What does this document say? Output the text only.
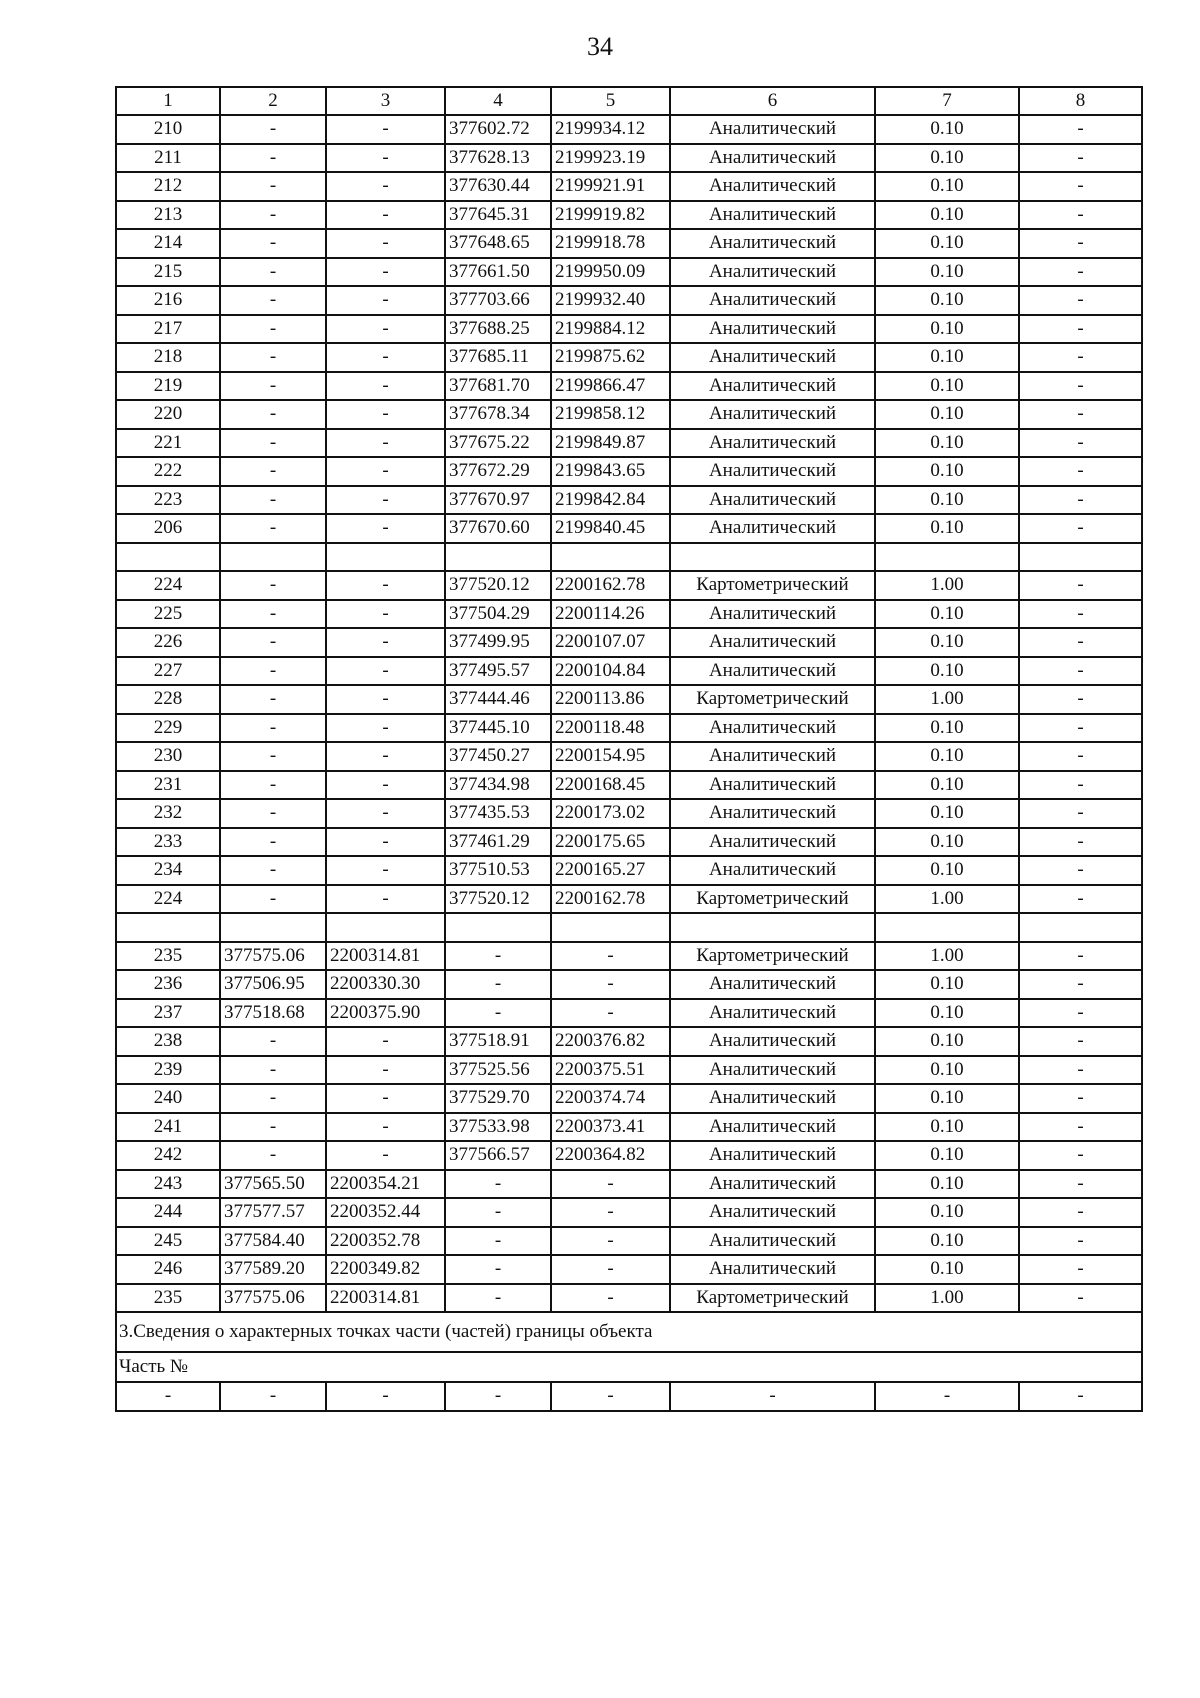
34
1	2	3	4	5	6	7	8
210	-	-	377602.72	2199934.12	Аналитический	0.10	-
211	-	-	377628.13	2199923.19	Аналитический	0.10	-
212	-	-	377630.44	2199921.91	Аналитический	0.10	-
213	-	-	377645.31	2199919.82	Аналитический	0.10	-
214	-	-	377648.65	2199918.78	Аналитический	0.10	-
215	-	-	377661.50	2199950.09	Аналитический	0.10	-
216	-	-	377703.66	2199932.40	Аналитический	0.10	-
217	-	-	377688.25	2199884.12	Аналитический	0.10	-
218	-	-	377685.11	2199875.62	Аналитический	0.10	-
219	-	-	377681.70	2199866.47	Аналитический	0.10	-
220	-	-	377678.34	2199858.12	Аналитический	0.10	-
221	-	-	377675.22	2199849.87	Аналитический	0.10	-
222	-	-	377672.29	2199843.65	Аналитический	0.10	-
223	-	-	377670.97	2199842.84	Аналитический	0.10	-
206	-	-	377670.60	2199840.45	Аналитический	0.10	-

224	-	-	377520.12	2200162.78	Картометрический	1.00	-
225	-	-	377504.29	2200114.26	Аналитический	0.10	-
226	-	-	377499.95	2200107.07	Аналитический	0.10	-
227	-	-	377495.57	2200104.84	Аналитический	0.10	-
228	-	-	377444.46	2200113.86	Картометрический	1.00	-
229	-	-	377445.10	2200118.48	Аналитический	0.10	-
230	-	-	377450.27	2200154.95	Аналитический	0.10	-
231	-	-	377434.98	2200168.45	Аналитический	0.10	-
232	-	-	377435.53	2200173.02	Аналитический	0.10	-
233	-	-	377461.29	2200175.65	Аналитический	0.10	-
234	-	-	377510.53	2200165.27	Аналитический	0.10	-
224	-	-	377520.12	2200162.78	Картометрический	1.00	-

235	377575.06	2200314.81	-	-	Картометрический	1.00	-
236	377506.95	2200330.30	-	-	Аналитический	0.10	-
237	377518.68	2200375.90	-	-	Аналитический	0.10	-
238	-	-	377518.91	2200376.82	Аналитический	0.10	-
239	-	-	377525.56	2200375.51	Аналитический	0.10	-
240	-	-	377529.70	2200374.74	Аналитический	0.10	-
241	-	-	377533.98	2200373.41	Аналитический	0.10	-
242	-	-	377566.57	2200364.82	Аналитический	0.10	-
243	377565.50	2200354.21	-	-	Аналитический	0.10	-
244	377577.57	2200352.44	-	-	Аналитический	0.10	-
245	377584.40	2200352.78	-	-	Аналитический	0.10	-
246	377589.20	2200349.82	-	-	Аналитический	0.10	-
235	377575.06	2200314.81	-	-	Картометрический	1.00	-
3.Сведения о характерных точках части (частей) границы объекта							
Часть №							
-	-	-	-	-	-	-	-
